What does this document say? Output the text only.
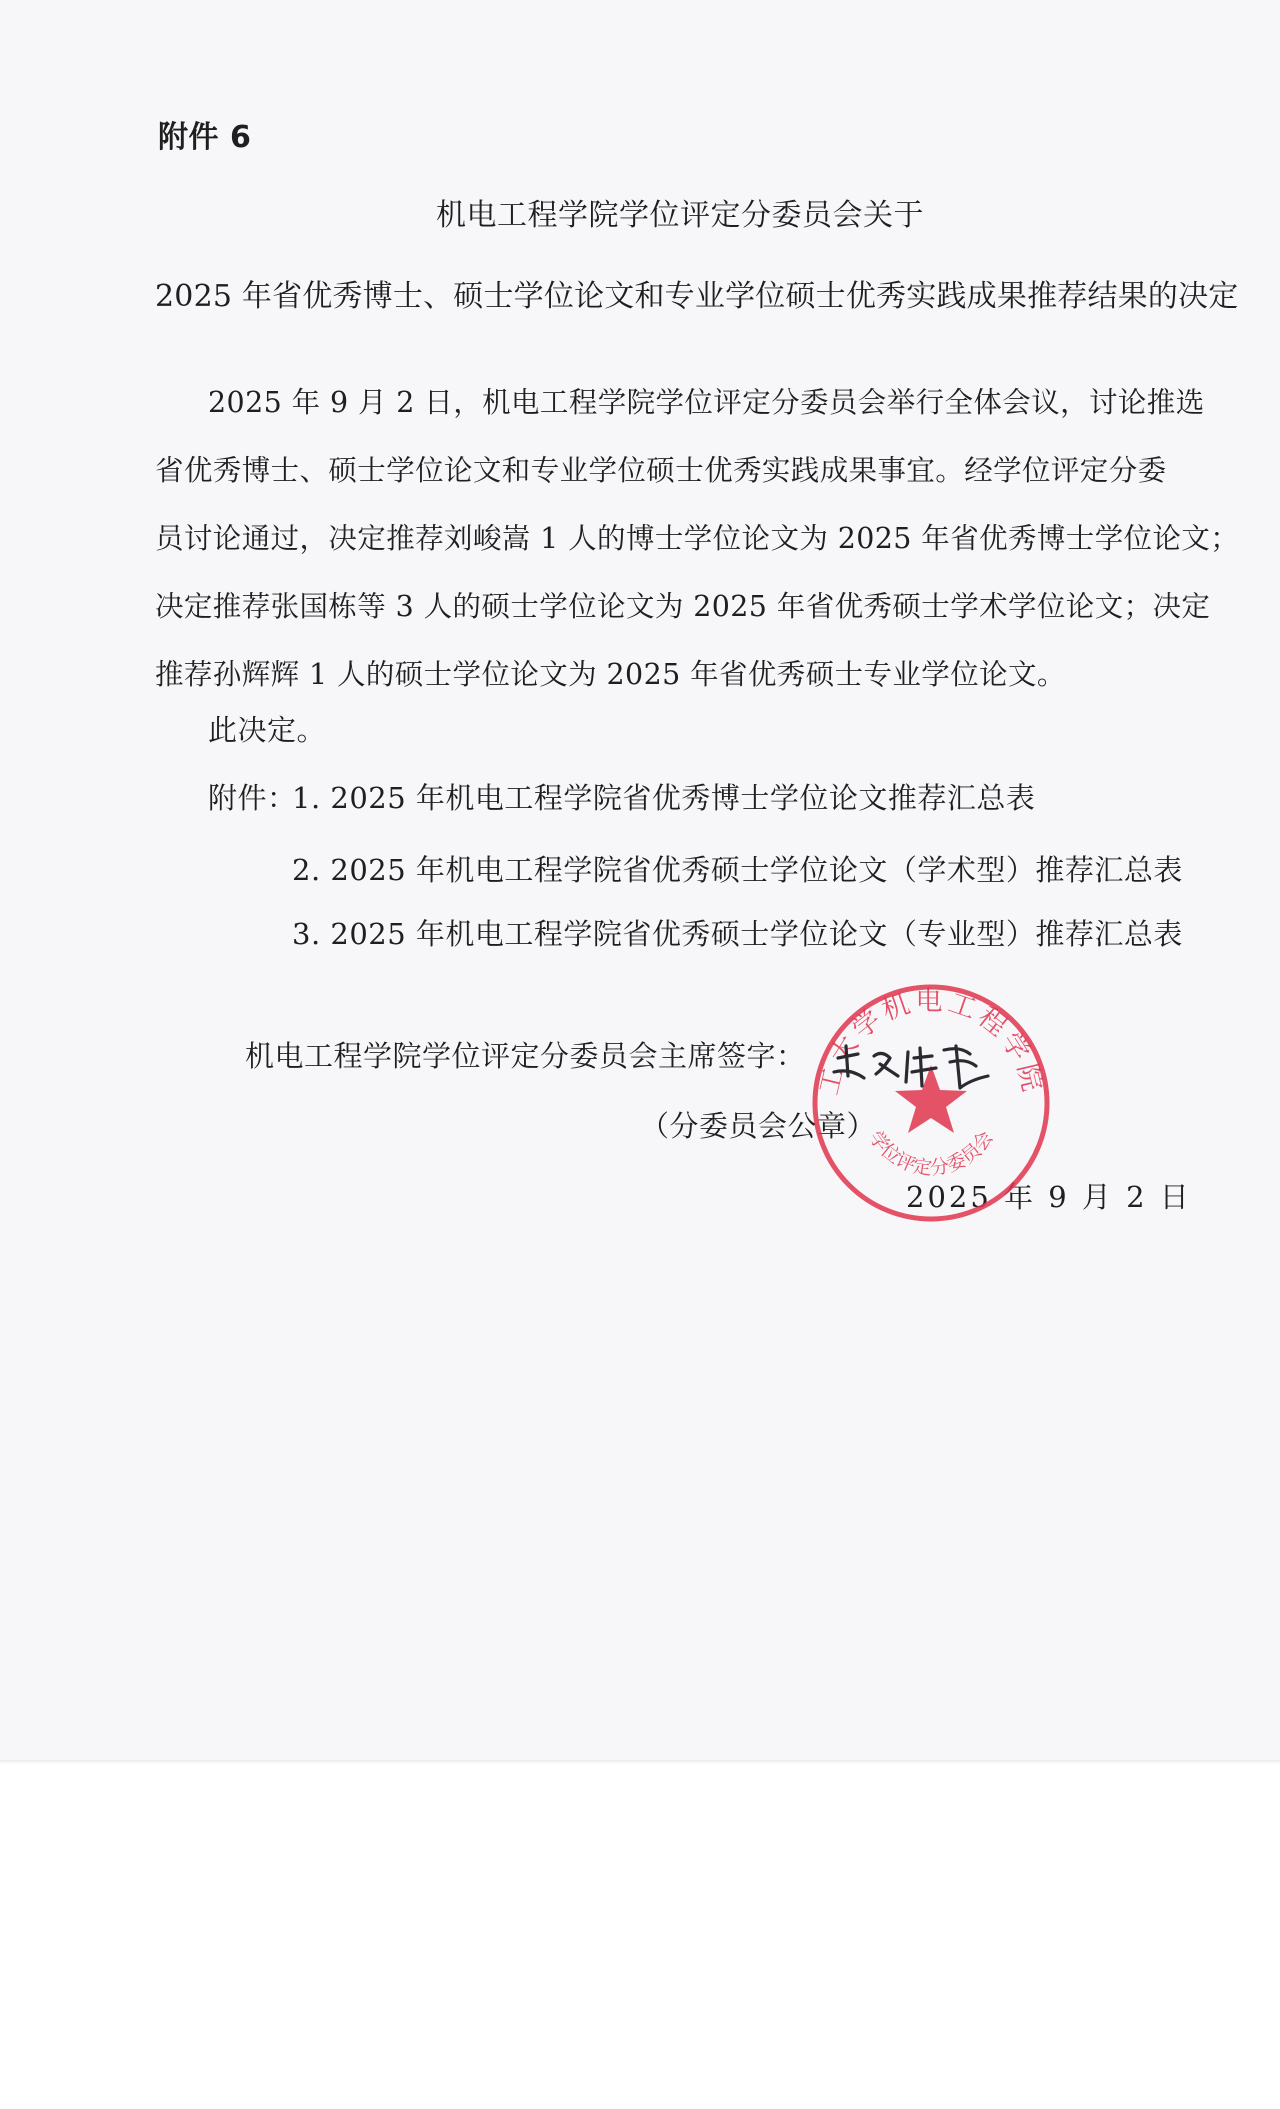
附件 6
机电工程学院学位评定分委员会关于
2025 年省优秀博士、硕士学位论文和专业学位硕士优秀实践成果推荐结果的决定
2025 年 9 月 2 日，机电工程学院学位评定分委员会举行全体会议，讨论推选
省优秀博士、硕士学位论文和专业学位硕士优秀实践成果事宜。经学位评定分委
员讨论通过，决定推荐刘峻嵩 1 人的博士学位论文为 2025 年省优秀博士学位论文；
决定推荐张国栋等 3 人的硕士学位论文为 2025 年省优秀硕士学术学位论文；决定
推荐孙辉辉 1 人的硕士学位论文为 2025 年省优秀硕士专业学位论文。
此决定。
附件：
1. 2025 年机电工程学院省优秀博士学位论文推荐汇总表
2. 2025 年机电工程学院省优秀硕士学位论文（学术型）推荐汇总表
3. 2025 年机电工程学院省优秀硕士学位论文（专业型）推荐汇总表
机电工程学院学位评定分委员会主席签字：
（分委员会公章）
2025 年 9 月 2 日
工大学机电工程学院
学位评定分委员会
